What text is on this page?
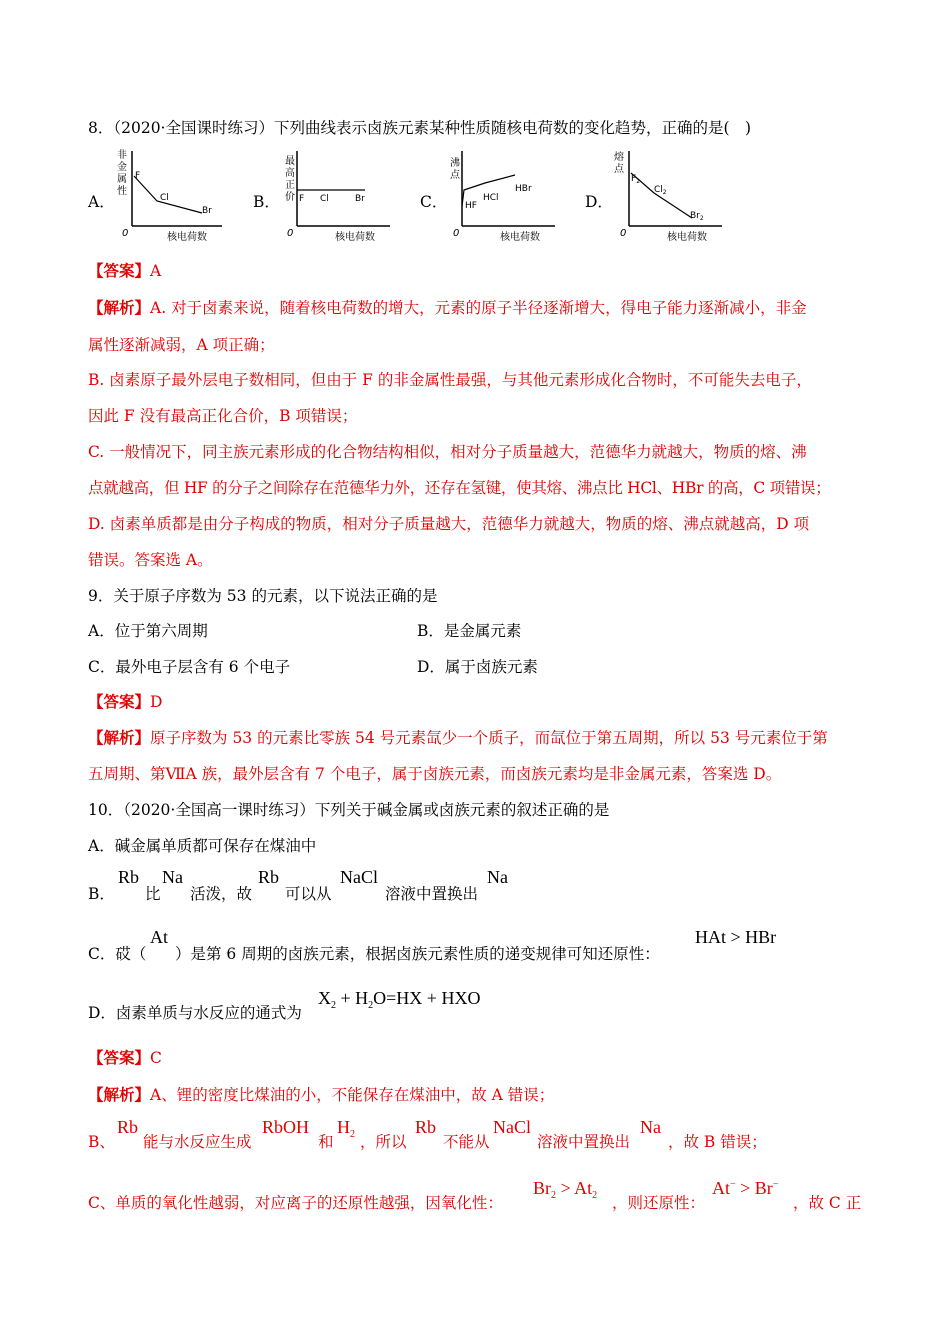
8．（2020·全国课时练习）下列曲线表示卤族元素某种性质随核电荷数的变化趋势，正确的是(　)
A．	B．	C．	D．
非
金
属
性
F
Cl
Br
0	核电荷数
最
高
正
价 F Cl	Br
0	核电荷数
沸
点
HF
HCl
HBr
0	核电荷数
熔
点
$F_2$
$Cl_2$
$Br_2$
0	核电荷数
【答案】A
【解析】A. 对于卤素来说，随着核电荷数的增大，元素的原子半径逐渐增大，得电子能力逐渐减小，非金
属性逐渐减弱，A 项正确；
B. 卤素原子最外层电子数相同，但由于 F 的非金属性最强，与其他元素形成化合物时，不可能失去电子，
因此 F 没有最高正化合价，B 项错误；
C. 一般情况下，同主族元素形成的化合物结构相似，相对分子质量越大，范德华力就越大，物质的熔、沸
点就越高，但 HF 的分子之间除存在范德华力外，还存在氢键，使其熔、沸点比 HCl、HBr 的高，C 项错误；
D. 卤素单质都是由分子构成的物质，相对分子质量越大，范德华力就越大，物质的熔、沸点就越高，D 项
错误。答案选 A。
9．关于原子序数为 53 的元素，以下说法正确的是
A．位于第六周期	B．是金属元素
C．最外电子层含有 6 个电子	D．属于卤族元素
【答案】D
【解析】原子序数为 53 的元素比零族 54 号元素氙少一个质子，而氙位于第五周期，所以 53 号元素位于第
五周期、第ⅦA 族，最外层含有 7 个电子，属于卤族元素，而卤族元素均是非金属元素，答案选 D。
10．（2020·全国高一课时练习）下列关于碱金属或卤族元素的叙述正确的是
A．碱金属单质都可保存在煤油中
B．
Rb
比
Na
活泼，故
Rb
可以从
NaCl
溶液中置换出
Na
C．砹（
At
）是第 6 周期的卤族元素，根据卤族元素性质的递变规律可知还原性：
HAt > HBr
D．卤素单质与水反应的通式为
$X_2 + H_2O=HX$ + HXO
【答案】C
【解析】A、锂的密度比煤油的小，不能保存在煤油中，故 A 错误；
B、
Rb
能与水反应生成
RbOH
和
$H_2$ ，所以
Rb
不能从
NaCl
溶液中置换出
Na
，故 B 错误；
C、单质的氧化性越弱，对应离子的还原性越强，因氧化性：
$Br_2 > At_2$ ，则还原性：
At− > Br−
，故 C 正
